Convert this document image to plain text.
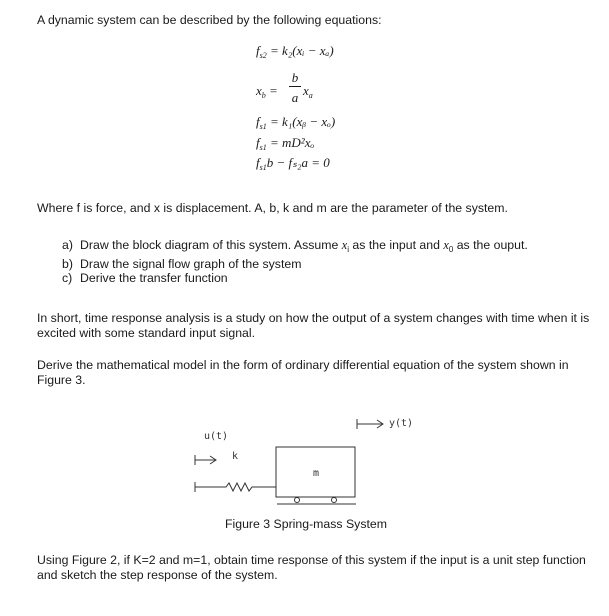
A dynamic system can be described by the following equations:
$f_{s2}$ = k₂(xᵢ − xₐ)
$x_b$ =
b
a $x_a$
$f_{s1}$ = k₁(xᵦ − xₒ)
$f_{s1} = mD^2x_o$
$f_{s1}b - f_{s2}a = 0$
Where f is force, and x is displacement. A, b, k and m are the parameter of the system.
a) Draw the block diagram of this system. Assume $x_i$ as the input and $x_0$ as the ouput.
b) Draw the signal flow graph of the system
c) Derive the transfer function
In short, time response analysis is a study on how the output of a system changes with time when it is excited with some standard input signal.
Derive the mathematical model in the form of ordinary differential equation of the system shown in Figure 3.
y(t)
u(t)
k
m
Figure 3 Spring-mass System
Using Figure 2, if K=2 and m=1, obtain time response of this system if the input is a unit step function and sketch the step response of the system.
